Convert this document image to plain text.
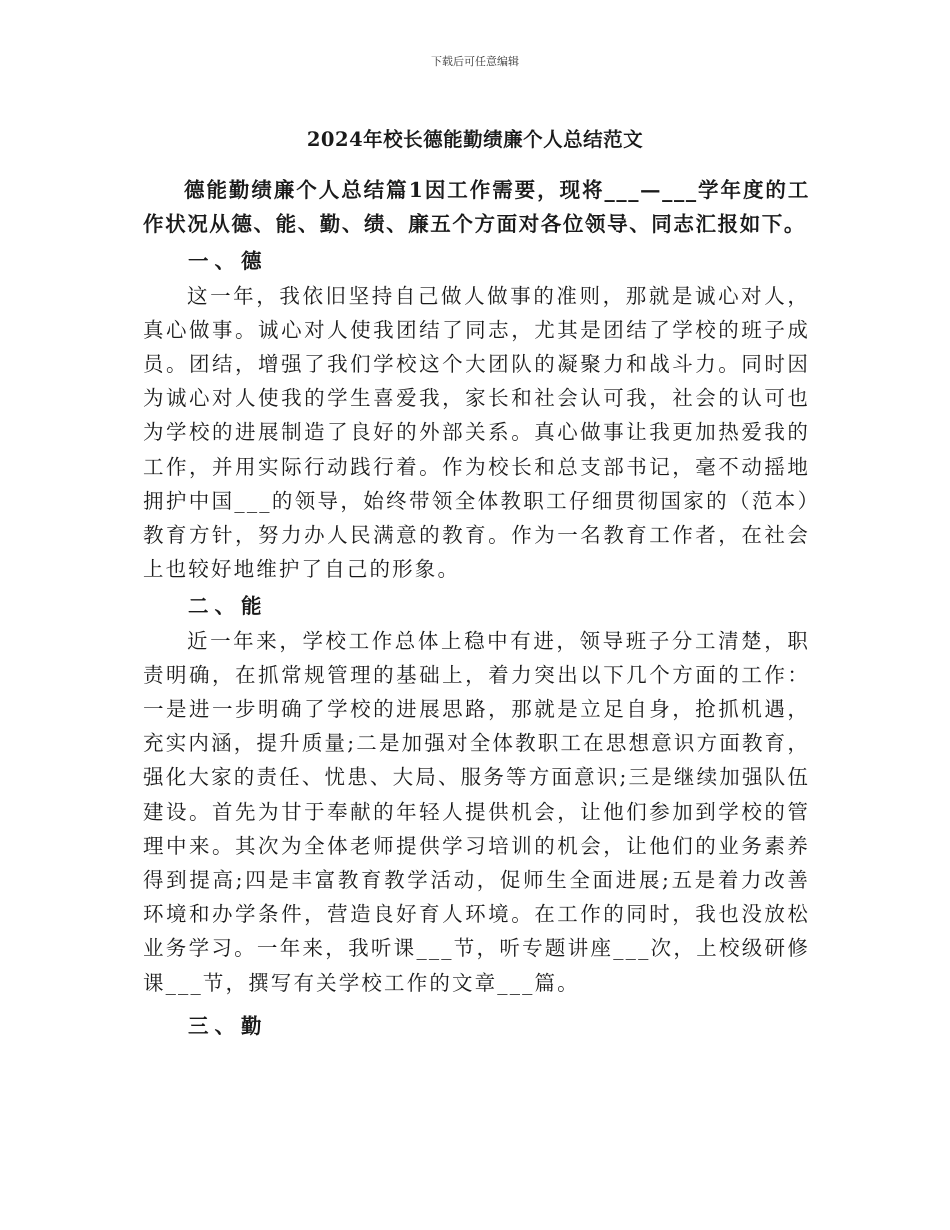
下载后可任意编辑
2024年校长德能勤绩廉个人总结范文

德能勤绩廉个人总结篇1因工作需要，现将___—___学年度的工作状况从德、能、勤、绩、廉五个方面对各位领导、同志汇报如下。

一、德

这一年，我依旧坚持自己做人做事的准则，那就是诚心对人，真心做事。诚心对人使我团结了同志，尤其是团结了学校的班子成员。团结，增强了我们学校这个大团队的凝聚力和战斗力。同时因为诚心对人使我的学生喜爱我，家长和社会认可我，社会的认可也为学校的进展制造了良好的外部关系。真心做事让我更加热爱我的工作，并用实际行动践行着。作为校长和总支部书记，毫不动摇地拥护中国___的领导，始终带领全体教职工仔细贯彻国家的（范本）教育方针，努力办人民满意的教育。作为一名教育工作者，在社会上也较好地维护了自己的形象。

二、能

近一年来，学校工作总体上稳中有进，领导班子分工清楚，职责明确，在抓常规管理的基础上，着力突出以下几个方面的工作：一是进一步明确了学校的进展思路，那就是立足自身，抢抓机遇，充实内涵，提升质量;二是加强对全体教职工在思想意识方面教育，强化大家的责任、忧患、大局、服务等方面意识;三是继续加强队伍建设。首先为甘于奉献的年轻人提供机会，让他们参加到学校的管理中来。其次为全体老师提供学习培训的机会，让他们的业务素养得到提高;四是丰富教育教学活动，促师生全面进展;五是着力改善环境和办学条件，营造良好育人环境。在工作的同时，我也没放松业务学习。一年来，我听课___节，听专题讲座___次，上校级研修课___节，撰写有关学校工作的文章___篇。

三、勤
